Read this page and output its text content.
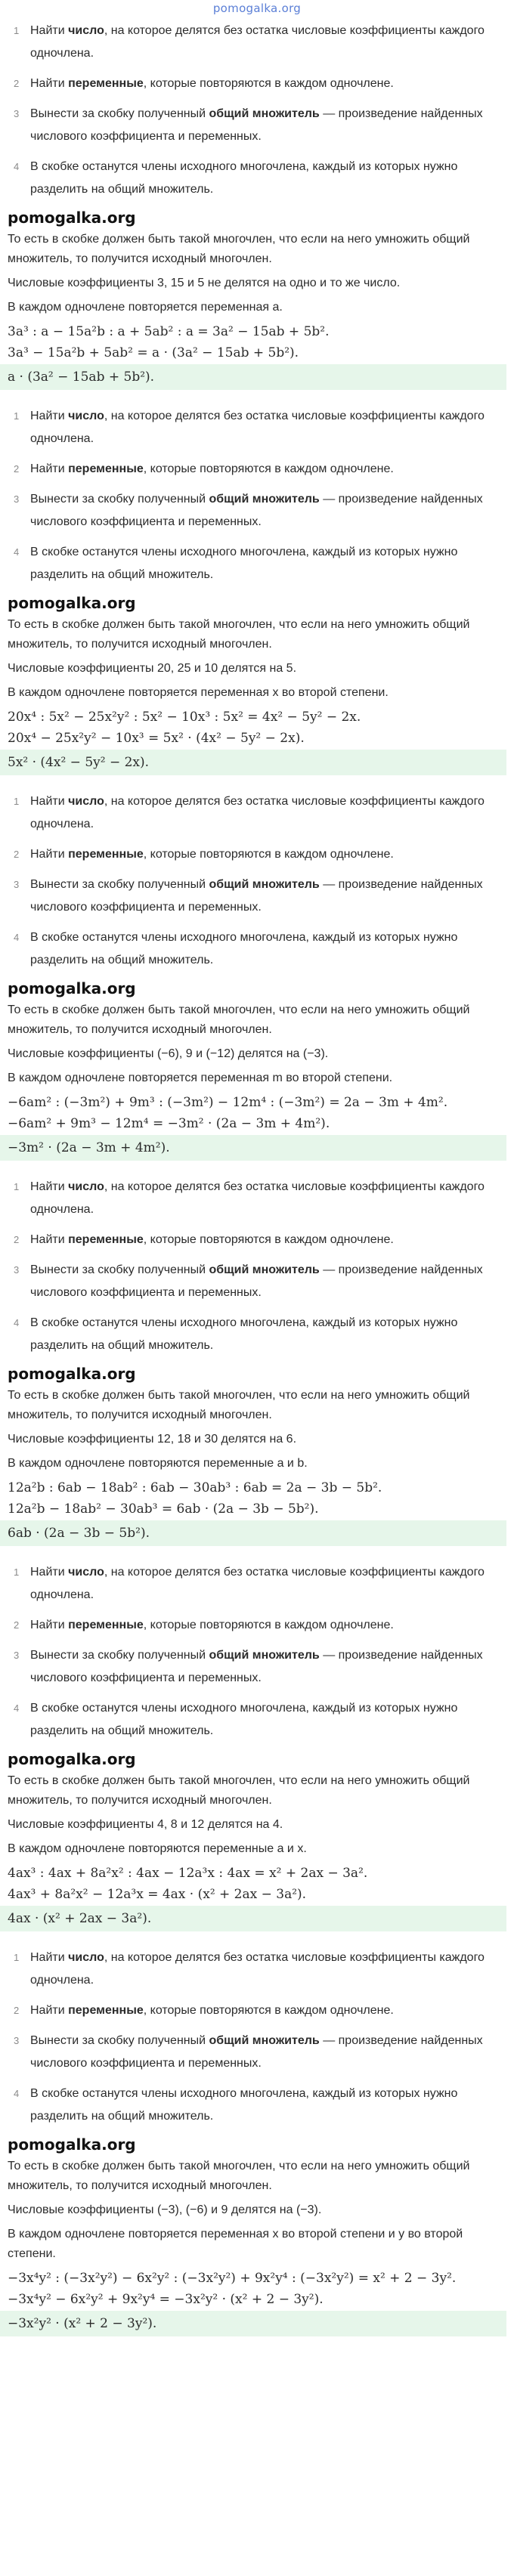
pomogalka.org
1 Найти число, на которое делятся без остатка числовые коэффициенты каждого одночлена.
2 Найти переменные, которые повторяются в каждом одночлене.
3 Вынести за скобку полученный общий множитель — произведение найденных числового коэффициента и переменных.
4 В скобке останутся члены исходного многочлена, каждый из которых нужно разделить на общий множитель.
pomogalka.org

То есть в скобке должен быть такой многочлен, что если на него умножить общий множитель, то получится исходный многочлен.

Числовые коэффициенты 3, 15 и 5 не делятся на одно и то же число.

В каждом одночлене повторяется переменная a.

3a³ : a − 15a²b : a + 5ab² : a = 3a² − 15ab + 5b².
3a³ − 15a²b + 5ab² = a · (3a² − 15ab + 5b²).
a · (3a² − 15ab + 5b²).
1 Найти число, на которое делятся без остатка числовые коэффициенты каждого одночлена.
2 Найти переменные, которые повторяются в каждом одночлене.
3 Вынести за скобку полученный общий множитель — произведение найденных числового коэффициента и переменных.
4 В скобке останутся члены исходного многочлена, каждый из которых нужно разделить на общий множитель.
pomogalka.org

То есть в скобке должен быть такой многочлен, что если на него умножить общий множитель, то получится исходный многочлен.

Числовые коэффициенты 20, 25 и 10 делятся на 5.

В каждом одночлене повторяется переменная x во второй степени.

20x⁴ : 5x² − 25x²y² : 5x² − 10x³ : 5x² = 4x² − 5y² − 2x.
20x⁴ − 25x²y² − 10x³ = 5x² · (4x² − 5y² − 2x).
5x² · (4x² − 5y² − 2x).
1 Найти число, на которое делятся без остатка числовые коэффициенты каждого одночлена.
2 Найти переменные, которые повторяются в каждом одночлене.
3 Вынести за скобку полученный общий множитель — произведение найденных числового коэффициента и переменных.
4 В скобке останутся члены исходного многочлена, каждый из которых нужно разделить на общий множитель.
pomogalka.org

То есть в скобке должен быть такой многочлен, что если на него умножить общий множитель, то получится исходный многочлен.

Числовые коэффициенты (−6), 9 и (−12) делятся на (−3).

В каждом одночлене повторяется переменная m во второй степени.

−6am² : (−3m²) + 9m³ : (−3m²) − 12m⁴ : (−3m²) = 2a − 3m + 4m².
−6am² + 9m³ − 12m⁴ = −3m² · (2a − 3m + 4m²).
−3m² · (2a − 3m + 4m²).
1 Найти число, на которое делятся без остатка числовые коэффициенты каждого одночлена.
2 Найти переменные, которые повторяются в каждом одночлене.
3 Вынести за скобку полученный общий множитель — произведение найденных числового коэффициента и переменных.
4 В скобке останутся члены исходного многочлена, каждый из которых нужно разделить на общий множитель.
pomogalka.org

То есть в скобке должен быть такой многочлен, что если на него умножить общий множитель, то получится исходный многочлен.

Числовые коэффициенты 12, 18 и 30 делятся на 6.

В каждом одночлене повторяются переменные a и b.

12a²b : 6ab − 18ab² : 6ab − 30ab³ : 6ab = 2a − 3b − 5b².
12a²b − 18ab² − 30ab³ = 6ab · (2a − 3b − 5b²).
6ab · (2a − 3b − 5b²).
1 Найти число, на которое делятся без остатка числовые коэффициенты каждого одночлена.
2 Найти переменные, которые повторяются в каждом одночлене.
3 Вынести за скобку полученный общий множитель — произведение найденных числового коэффициента и переменных.
4 В скобке останутся члены исходного многочлена, каждый из которых нужно разделить на общий множитель.
pomogalka.org

То есть в скобке должен быть такой многочлен, что если на него умножить общий множитель, то получится исходный многочлен.

Числовые коэффициенты 4, 8 и 12 делятся на 4.

В каждом одночлене повторяются переменные a и x.

4ax³ : 4ax + 8a²x² : 4ax − 12a³x : 4ax = x² + 2ax − 3a².
4ax³ + 8a²x² − 12a³x = 4ax · (x² + 2ax − 3a²).
4ax · (x² + 2ax − 3a²).
1 Найти число, на которое делятся без остатка числовые коэффициенты каждого одночлена.
2 Найти переменные, которые повторяются в каждом одночлене.
3 Вынести за скобку полученный общий множитель — произведение найденных числового коэффициента и переменных.
4 В скобке останутся члены исходного многочлена, каждый из которых нужно разделить на общий множитель.
pomogalka.org

То есть в скобке должен быть такой многочлен, что если на него умножить общий множитель, то получится исходный многочлен.

Числовые коэффициенты (−3), (−6) и 9 делятся на (−3).

В каждом одночлене повторяется переменная x во второй степени и y во второй степени.

−3x⁴y² : (−3x²y²) − 6x²y² : (−3x²y²) + 9x²y⁴ : (−3x²y²) = x² + 2 − 3y².
−3x⁴y² − 6x²y² + 9x²y⁴ = −3x²y² · (x² + 2 − 3y²).
−3x²y² · (x² + 2 − 3y²).
